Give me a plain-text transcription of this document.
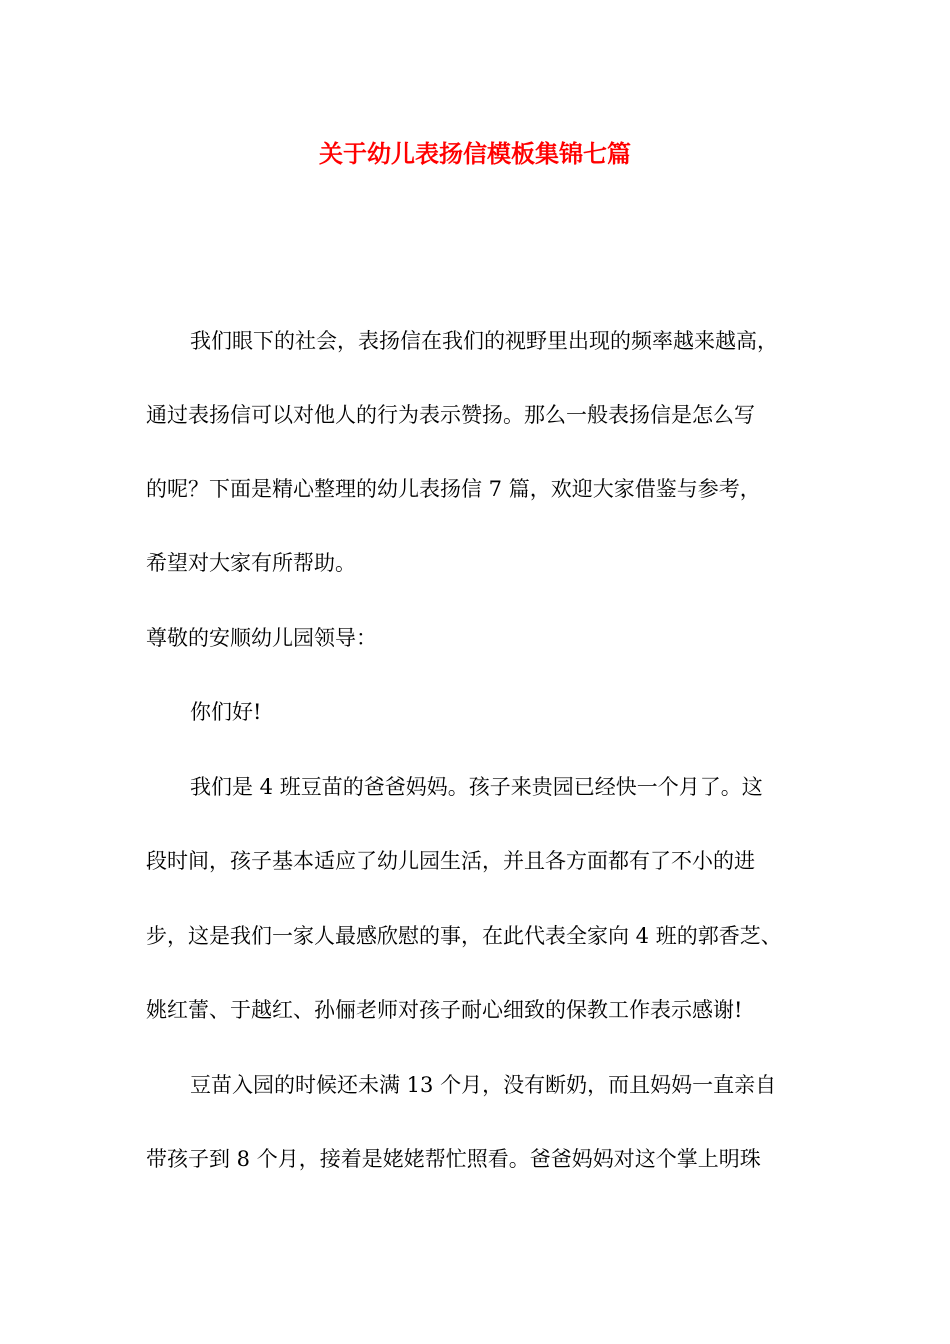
关于幼儿表扬信模板集锦七篇
我们眼下的社会，表扬信在我们的视野里出现的频率越来越高，
通过表扬信可以对他人的行为表示赞扬。那么一般表扬信是怎么写
的呢？下面是精心整理的幼儿表扬信 7 篇，欢迎大家借鉴与参考，
希望对大家有所帮助。
尊敬的安顺幼儿园领导：
你们好!
我们是 4 班豆苗的爸爸妈妈。孩子来贵园已经快一个月了。这
段时间，孩子基本适应了幼儿园生活，并且各方面都有了不小的进
步，这是我们一家人最感欣慰的事，在此代表全家向 4 班的郭香芝、
姚红蕾、于越红、孙俪老师对孩子耐心细致的保教工作表示感谢!
豆苗入园的时候还未满 13 个月，没有断奶，而且妈妈一直亲自
带孩子到 8 个月，接着是姥姥帮忙照看。爸爸妈妈对这个掌上明珠
